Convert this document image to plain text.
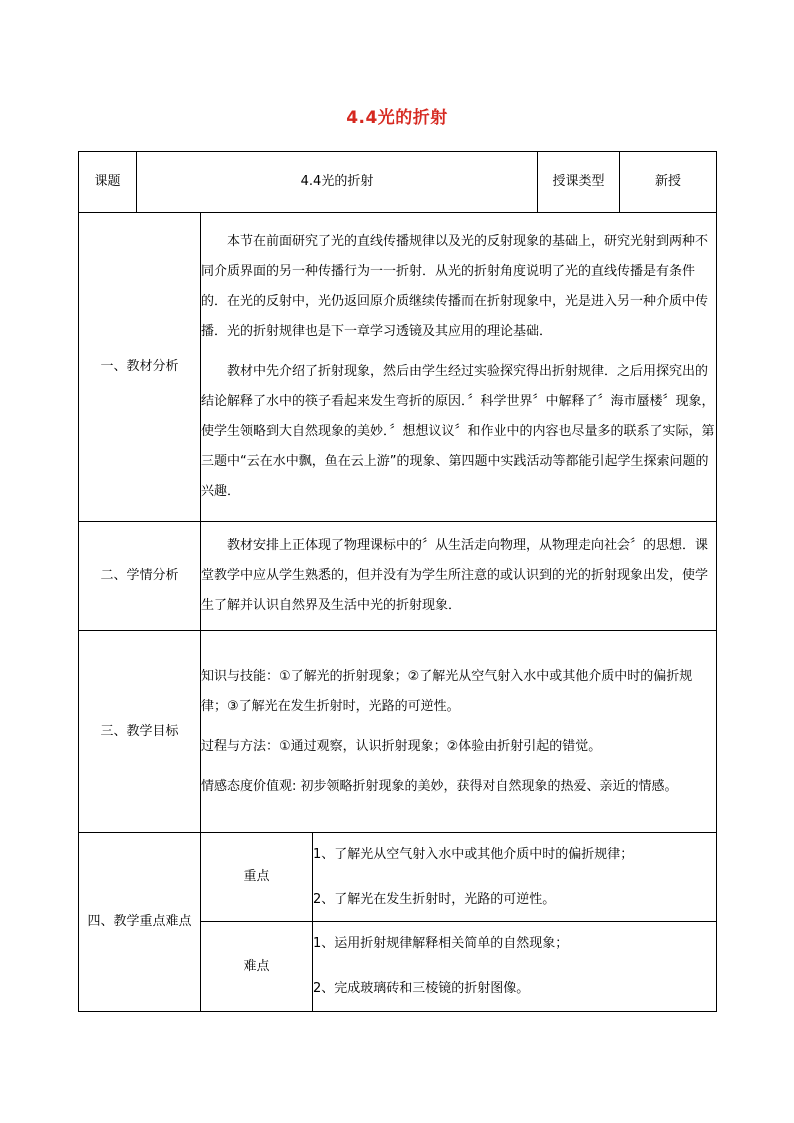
4.4光的折射
课题	4.4光的折射			授课类型	新授
一、教材分析		本节在前面研究了光的直线传播规律以及光的反射现象的基础上，研究光射到两种不同介质界面的另一种传播行为一一折射．从光的折射角度说明了光的直线传播是有条件的．在光的反射中，光仍返回原介质继续传播而在折射现象中，光是进入另一种介质中传播．光的折射规律也是下一章学习透镜及其应用的理论基础．

教材中先介绍了折射现象，然后由学生经过实验探究得出折射规律．之后用探究出的结论解释了水中的筷子看起来发生弯折的原因．〞科学世界〞中解释了〞海市蜃楼〞现象，使学生领略到大自然现象的美妙．〞想想议议〞和作业中的内容也尽量多的联系了实际，第三题中“云在水中飘，鱼在云上游”的现象、第四题中实践活动等都能引起学生探索问题的兴趣．			

二、学情分析		教材安排上正体现了物理课标中的〞从生活走向物理，从物理走向社会〞的思想．课堂教学中应从学生熟悉的，但并没有为学生所注意的或认识到的光的折射现象出发，使学生了解并认识自然界及生活中光的折射现象．			

三、教学目标		知识与技能：①了解光的折射现象；②了解光从空气射入水中或其他介质中时的偏折规律；③了解光在发生折射时，光路的可逆性。

过程与方法：①通过观察，认识折射现象；②体验由折射引起的错觉。

情感态度价值观: 初步领略折射现象的美妙，获得对自然现象的热爱、亲近的情感。			

四、教学重点难点		重点	1、了解光从空气射入水中或其他介质中时的偏折规律；

2、了解光在发生折射时，光路的可逆性。		

		难点	1、运用折射规律解释相关简单的自然现象；

2、完成玻璃砖和三棱镜的折射图像。		
